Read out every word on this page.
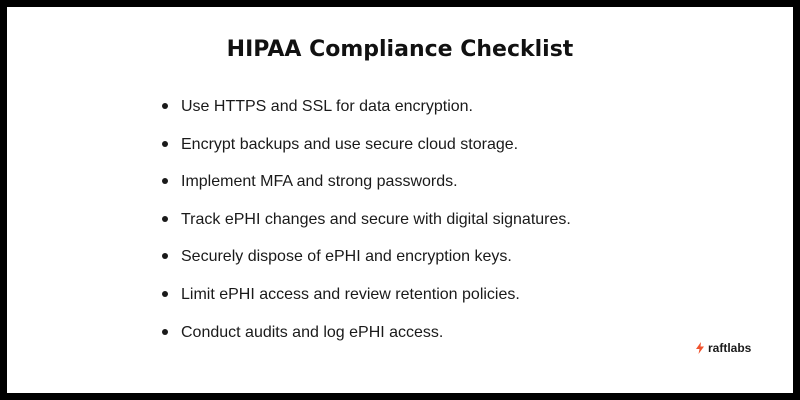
HIPAA Compliance Checklist
Use HTTPS and SSL for data encryption.
Encrypt backups and use secure cloud storage.
Implement MFA and strong passwords.
Track ePHI changes and secure with digital signatures.
Securely dispose of ePHI and encryption keys.
Limit ePHI access and review retention policies.
Conduct audits and log ePHI access.
raftlabs
